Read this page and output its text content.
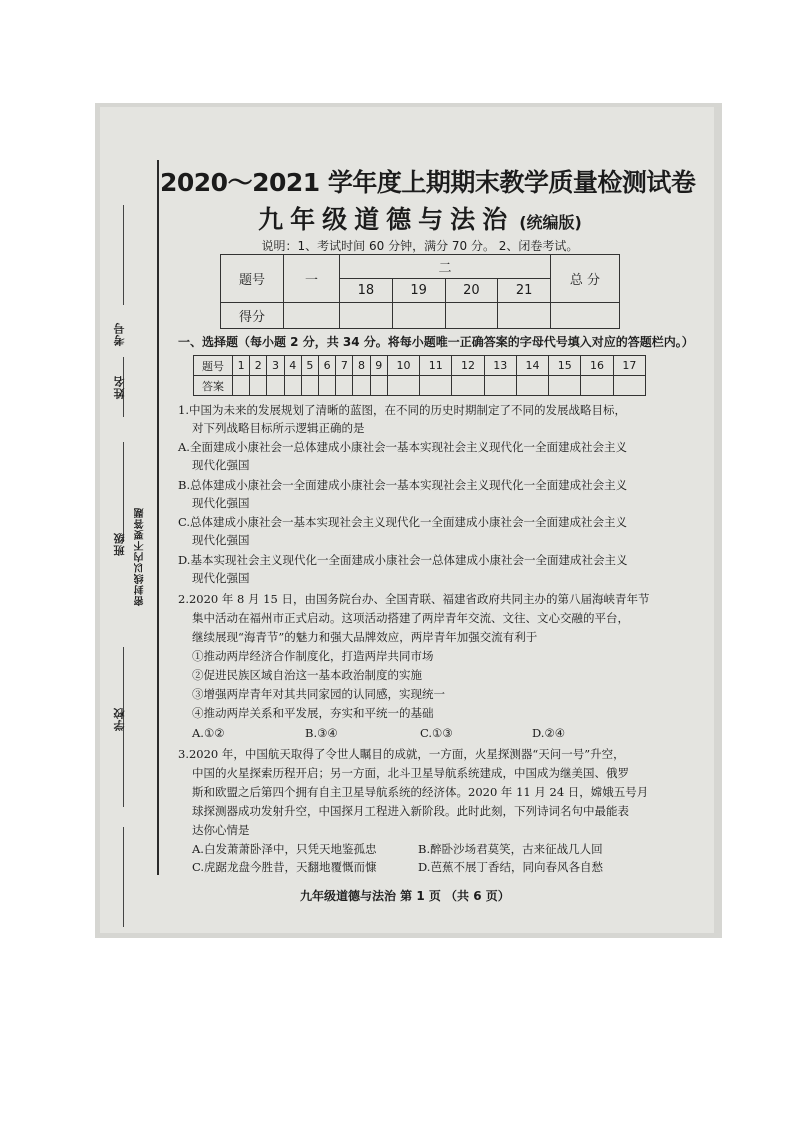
考号
姓名
班级 密封线以内不要答题
学校
2020～2021 学年度上期期末教学质量检测试卷
九年级道德与法治 (统编版)
说明：1、考试时间 60 分钟，满分 70 分。 2、闭卷考试。
题号	一	二				总 分
		18	19	20	21	
得分						
一、选择题（每小题 2 分，共 34 分。将每小题唯一正确答案的字母代号填入对应的答题栏内。）
题号	1	2	3	4	5	6	7	8	9	10	11	12	13	14	15	16	17
答案																	
1.中国为未来的发展规划了清晰的蓝图，在不同的历史时期制定了不同的发展战略目标，
对下列战略目标所示逻辑正确的是
A.全面建成小康社会一总体建成小康社会一基本实现社会主义现代化一全面建成社会主义
现代化强国
B.总体建成小康社会一全面建成小康社会一基本实现社会主义现代化一全面建成社会主义
现代化强国
C.总体建成小康社会一基本实现社会主义现代化一全面建成小康社会一全面建成社会主义
现代化强国
D.基本实现社会主义现代化一全面建成小康社会一总体建成小康社会一全面建成社会主义
现代化强国
2.2020 年 8 月 15 日，由国务院台办、全国青联、福建省政府共同主办的第八届海峡青年节
集中活动在福州市正式启动。这项活动搭建了两岸青年交流、文往、文心交融的平台，
继续展现“海青节”的魅力和强大品牌效应，两岸青年加强交流有利于
①推动两岸经济合作制度化，打造两岸共同市场
②促进民族区域自治这一基本政治制度的实施
③增强两岸青年对其共同家园的认同感，实现统一
④推动两岸关系和平发展，夯实和平统一的基础
A.①②	B.③④	C.①③	D.②④
3.2020 年，中国航天取得了令世人瞩目的成就，一方面，火星探测器“天问一号”升空，
中国的火星探索历程开启；另一方面，北斗卫星导航系统建成，中国成为继美国、俄罗
斯和欧盟之后第四个拥有自主卫星导航系统的经济体。2020 年 11 月 24 日，嫦娥五号月
球探测器成功发射升空，中国探月工程进入新阶段。此时此刻，下列诗词名句中最能表
达你心情是
A.白发萧萧卧泽中，只凭天地鉴孤忠	B.醉卧沙场君莫笑，古来征战几人回
C.虎踞龙盘今胜昔，天翻地覆慨而慷	D.芭蕉不展丁香结，同向春风各自愁
九年级道德与法治 第 1 页 （共 6 页）
